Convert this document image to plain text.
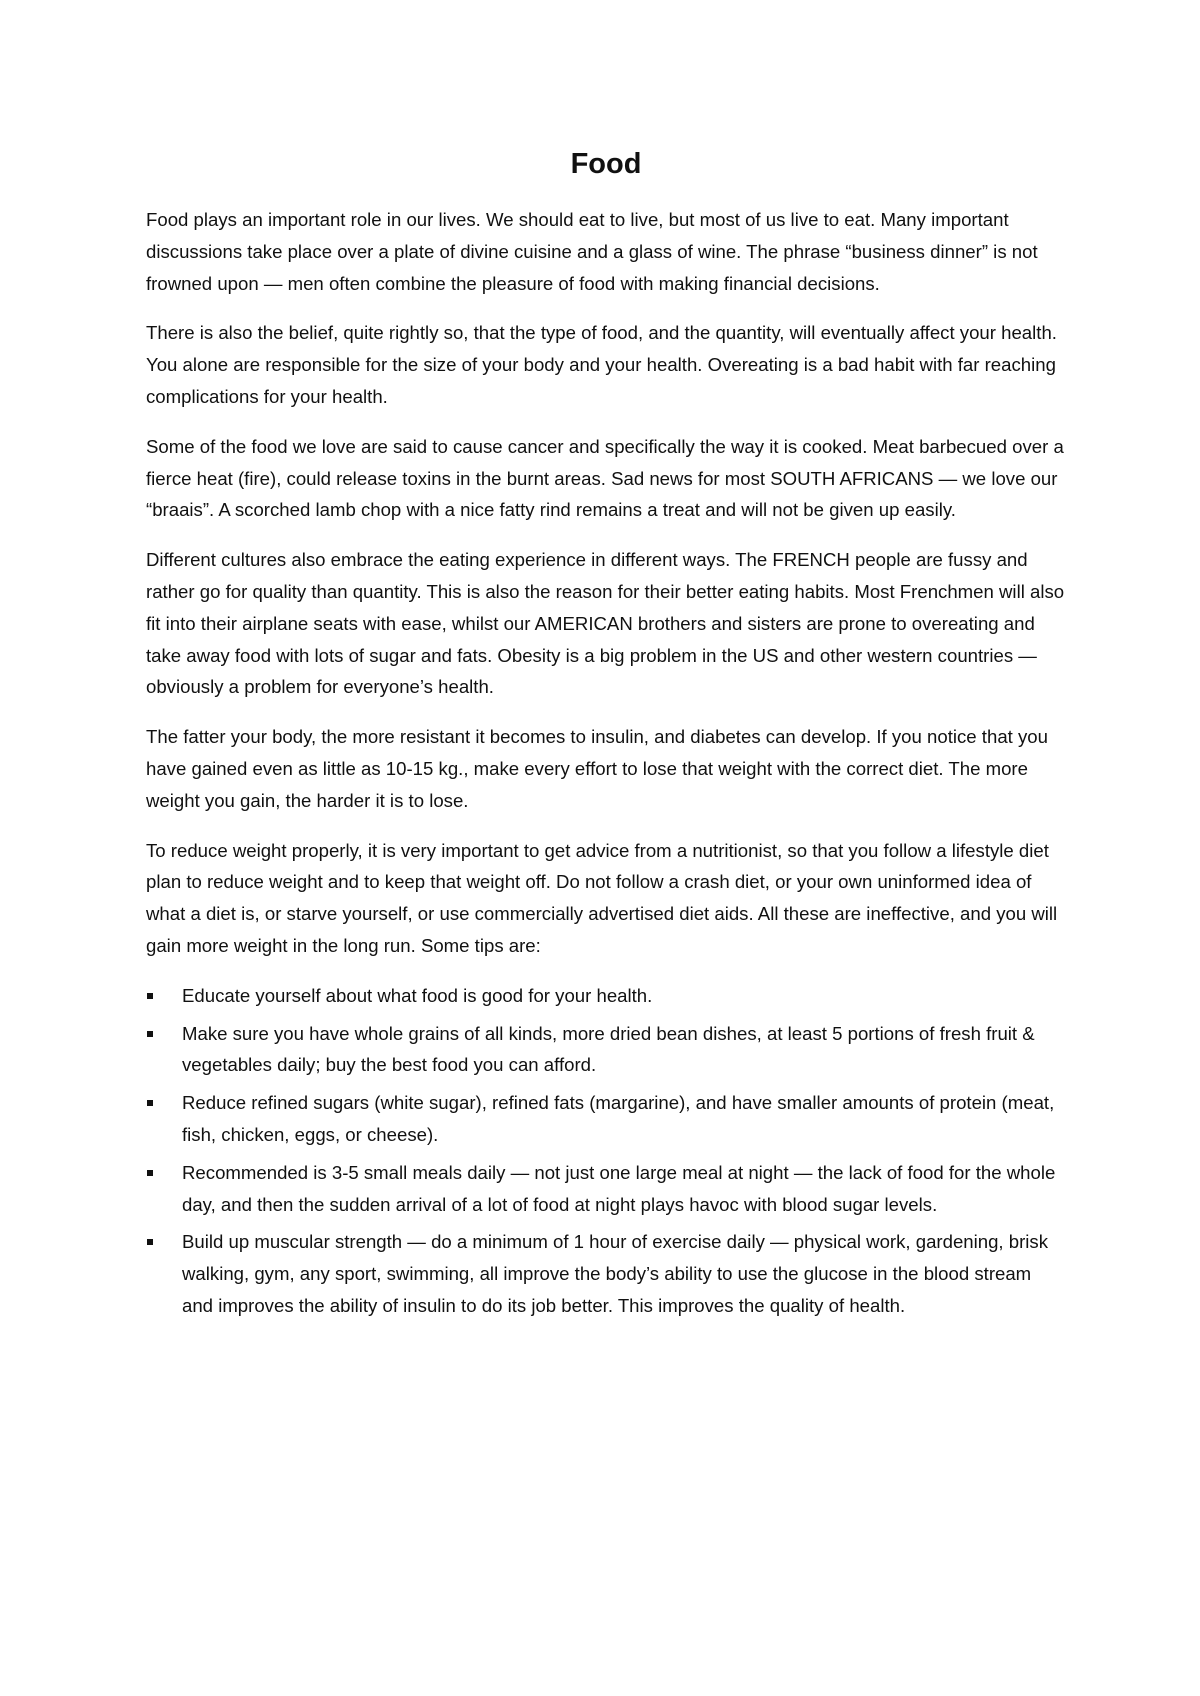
Food

Food plays an important role in our lives. We should eat to live, but most of us live to eat. Many important discussions take place over a plate of divine cuisine and a glass of wine. The phrase “business dinner” is not frowned upon — men often combine the pleasure of food with making financial decisions.

There is also the belief, quite rightly so, that the type of food, and the quantity, will eventually affect your health. You alone are responsible for the size of your body and your health. Overeating is a bad habit with far reaching complications for your health.

Some of the food we love are said to cause cancer and specifically the way it is cooked. Meat barbecued over a fierce heat (fire), could release toxins in the burnt areas. Sad news for most SOUTH AFRICANS — we love our “braais”. A scorched lamb chop with a nice fatty rind remains a treat and will not be given up easily.

Different cultures also embrace the eating experience in different ways. The FRENCH people are fussy and rather go for quality than quantity. This is also the reason for their better eating habits. Most Frenchmen will also fit into their airplane seats with ease, whilst our AMERICAN brothers and sisters are prone to overeating and take away food with lots of sugar and fats. Obesity is a big problem in the US and other western countries — obviously a problem for everyone’s health.

The fatter your body, the more resistant it becomes to insulin, and diabetes can develop. If you notice that you have gained even as little as 10-15 kg., make every effort to lose that weight with the correct diet. The more weight you gain, the harder it is to lose.

To reduce weight properly, it is very important to get advice from a nutritionist, so that you follow a lifestyle diet plan to reduce weight and to keep that weight off. Do not follow a crash diet, or your own uninformed idea of what a diet is, or starve yourself, or use commercially advertised diet aids. All these are ineffective, and you will gain more weight in the long run. Some tips are:

Educate yourself about what food is good for your health.
Make sure you have whole grains of all kinds, more dried bean dishes, at least 5 portions of fresh fruit & vegetables daily; buy the best food you can afford.
Reduce refined sugars (white sugar), refined fats (margarine), and have smaller amounts of protein (meat, fish, chicken, eggs, or cheese).
Recommended is 3-5 small meals daily — not just one large meal at night — the lack of food for the whole day, and then the sudden arrival of a lot of food at night plays havoc with blood sugar levels.
Build up muscular strength — do a minimum of 1 hour of exercise daily — physical work, gardening, brisk walking, gym, any sport, swimming, all improve the body’s ability to use the glucose in the blood stream and improves the ability of insulin to do its job better. This improves the quality of health.
